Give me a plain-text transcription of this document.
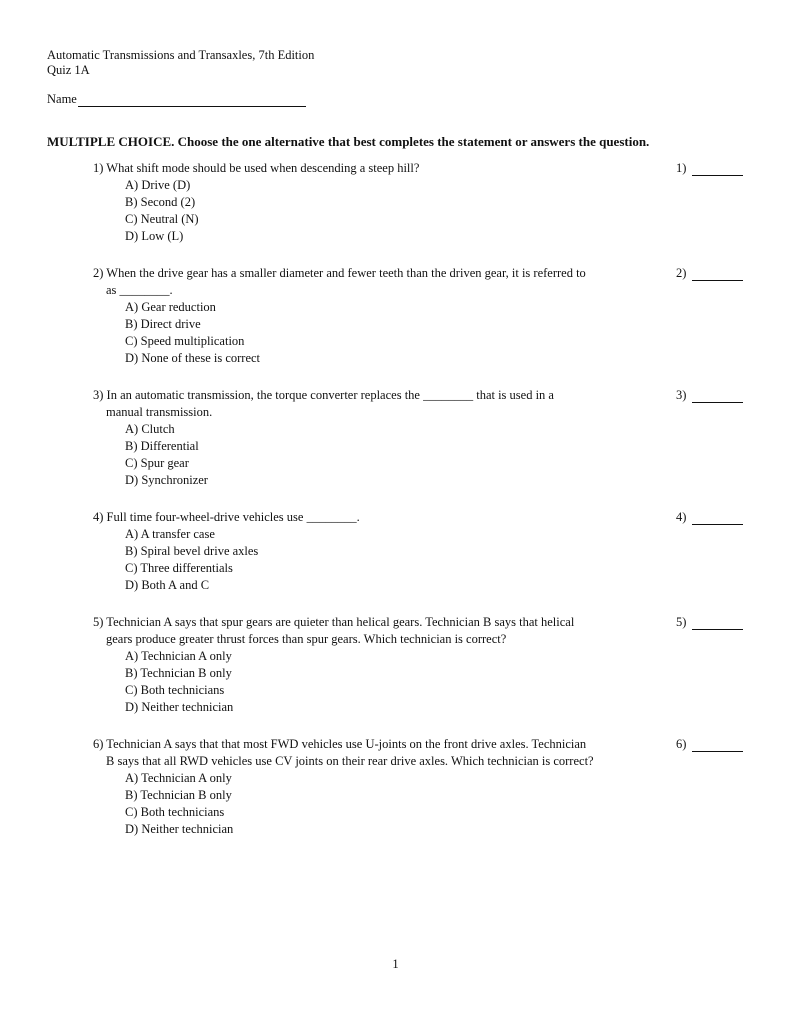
Automatic Transmissions and Transaxles, 7th Edition
Quiz 1A
Name
MULTIPLE CHOICE. Choose the one alternative that best completes the statement or answers the question.
1) What shift mode should be used when descending a steep hill?	1)
A) Drive (D)
B) Second (2)
C) Neutral (N)
D) Low (L)
2) When the drive gear has a smaller diameter and fewer teeth than the driven gear, it is referred to
as ________.
2)
A) Gear reduction
B) Direct drive
C) Speed multiplication
D) None of these is correct
3) In an automatic transmission, the torque converter replaces the ________ that is used in a
manual transmission.
3)
A) Clutch
B) Differential
C) Spur gear
D) Synchronizer
4) Full time four-wheel-drive vehicles use ________.	4)
A) A transfer case
B) Spiral bevel drive axles
C) Three differentials
D) Both A and C
5) Technician A says that spur gears are quieter than helical gears. Technician B says that helical
gears produce greater thrust forces than spur gears. Which technician is correct?
5)
A) Technician A only
B) Technician B only
C) Both technicians
D) Neither technician
6) Technician A says that that most FWD vehicles use U-joints on the front drive axles. Technician
B says that all RWD vehicles use CV joints on their rear drive axles. Which technician is correct?
6)
A) Technician A only
B) Technician B only
C) Both technicians
D) Neither technician
1
